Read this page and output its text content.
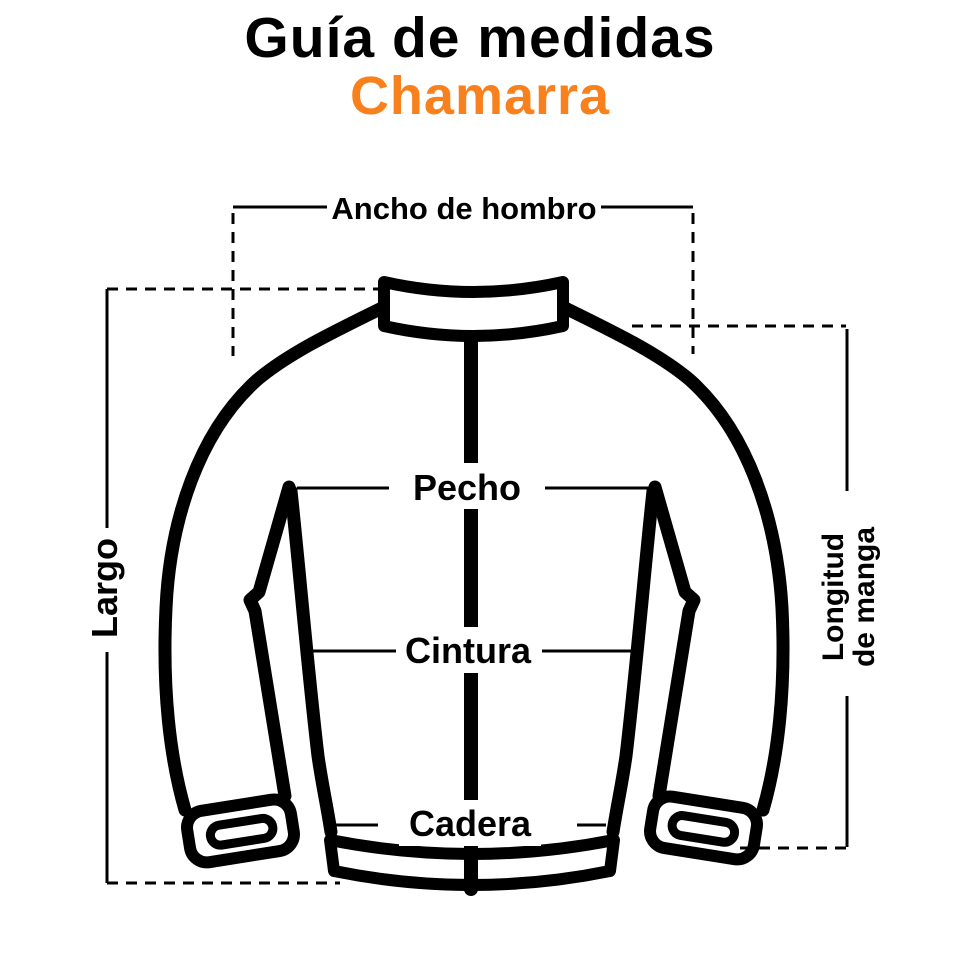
Guía de medidas
Chamarra
Ancho de hombro
Pecho
Cintura
Cadera
Largo	Longitud
de manga
